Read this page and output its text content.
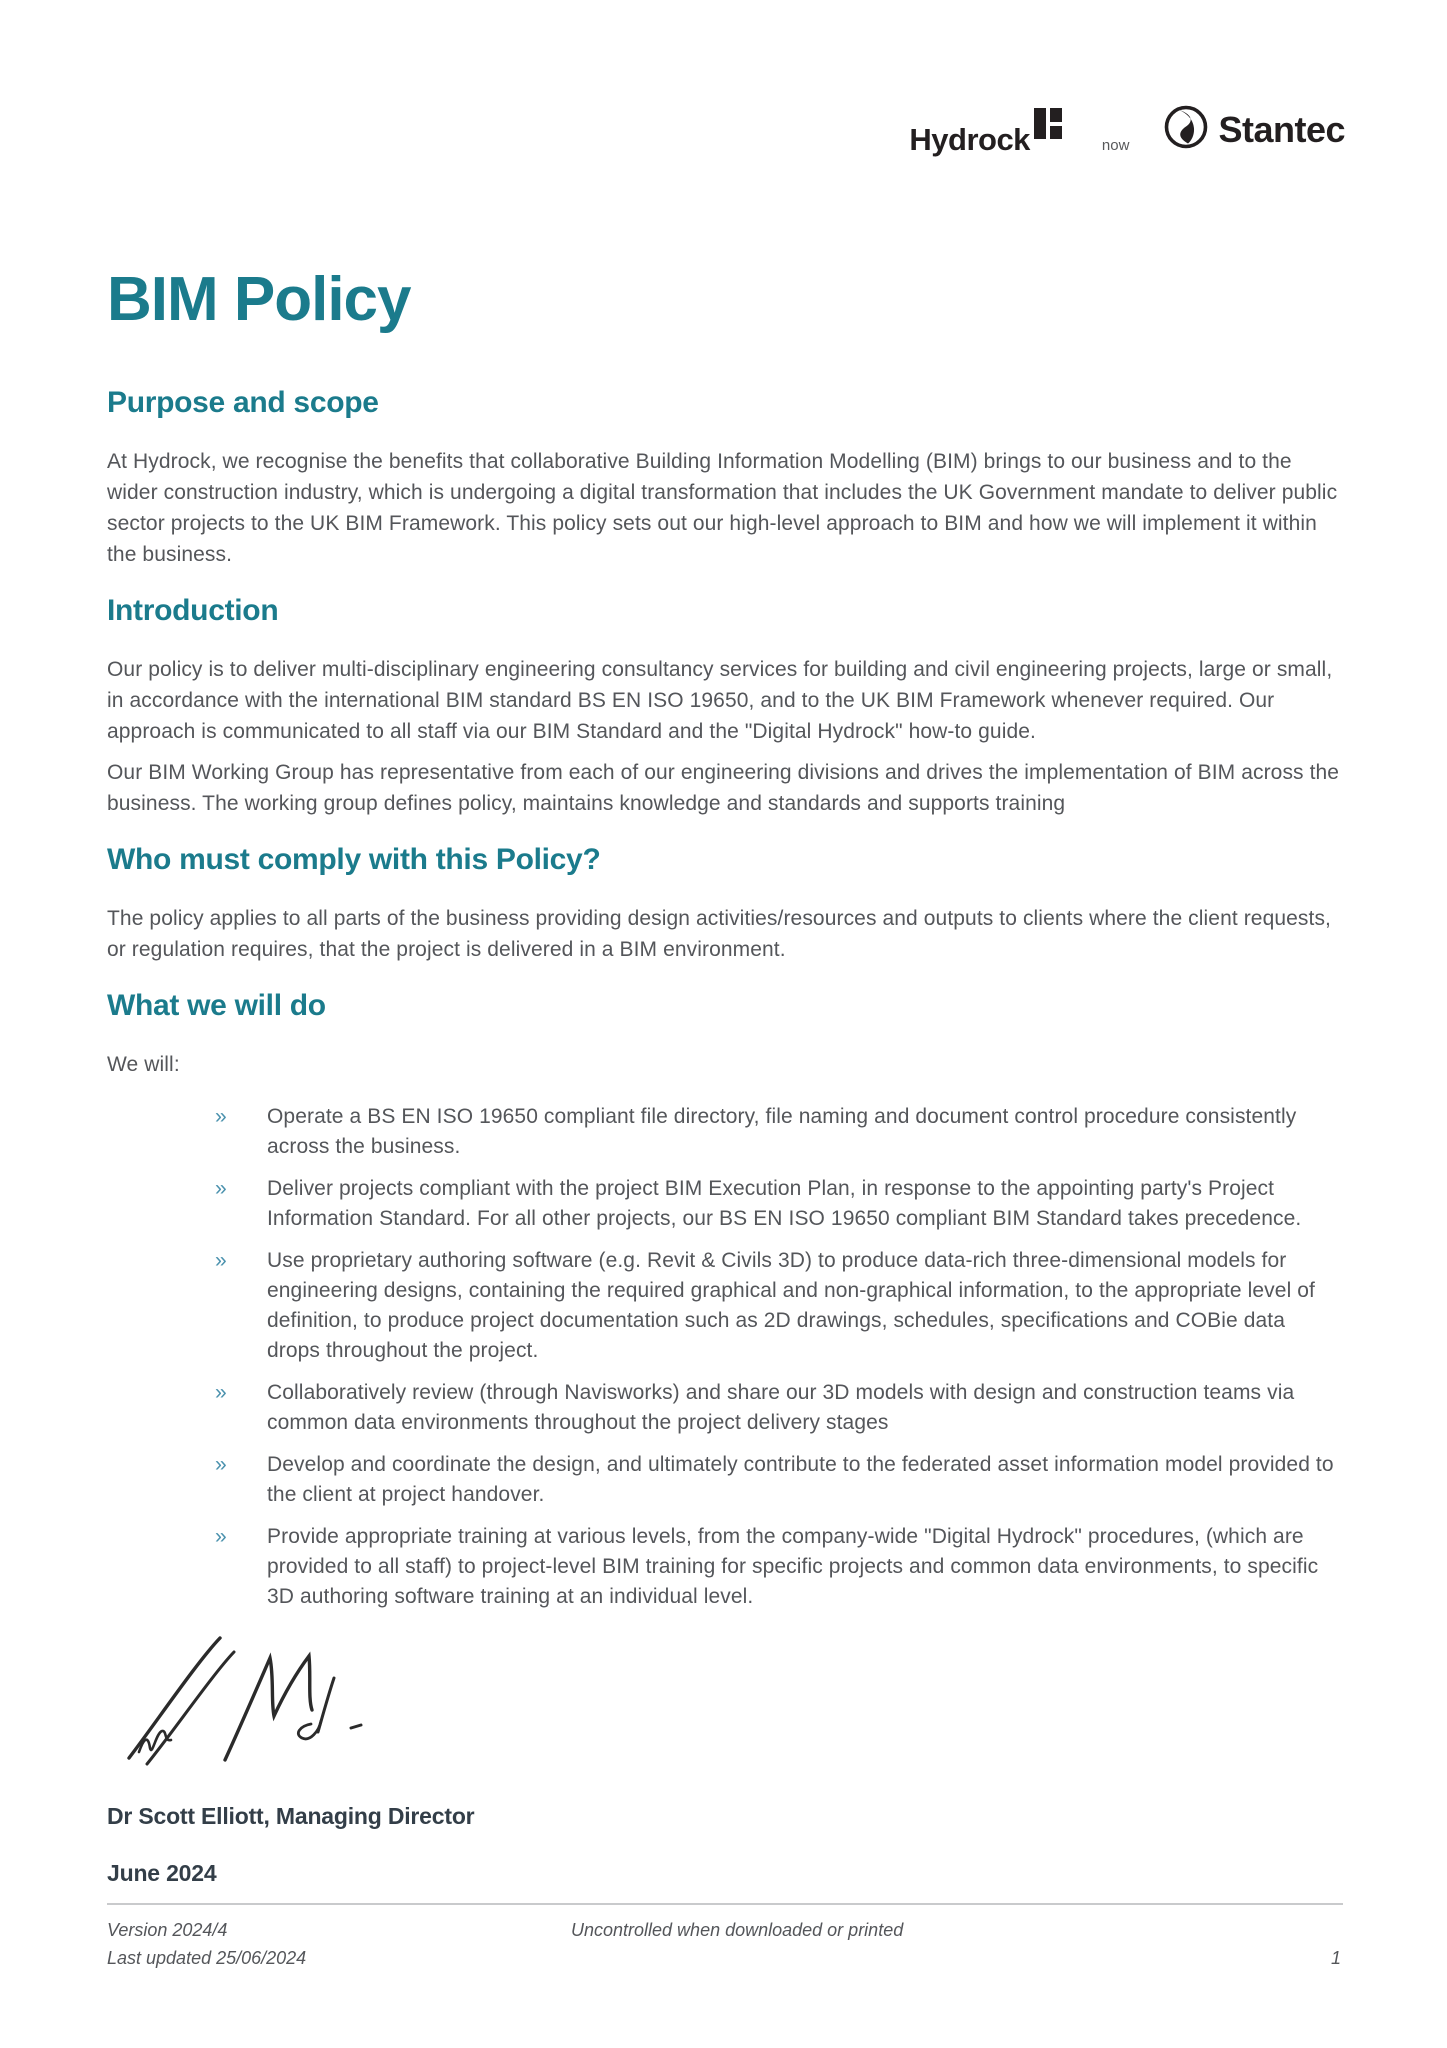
Hydrock	now Stantec
BIM Policy
Purpose and scope

At Hydrock, we recognise the benefits that collaborative Building Information Modelling (BIM) brings to our business and to the wider construction industry, which is undergoing a digital transformation that includes the UK Government mandate to deliver public sector projects to the UK BIM Framework. This policy sets out our high-level approach to BIM and how we will implement it within the business.

Introduction

Our policy is to deliver multi-disciplinary engineering consultancy services for building and civil engineering projects, large or small, in accordance with the international BIM standard BS EN ISO 19650, and to the UK BIM Framework whenever required. Our approach is communicated to all staff via our BIM Standard and the "Digital Hydrock" how-to guide.

Our BIM Working Group has representative from each of our engineering divisions and drives the implementation of BIM across the business. The working group defines policy, maintains knowledge and standards and supports training

Who must comply with this Policy?

The policy applies to all parts of the business providing design activities/resources and outputs to clients where the client requests, or regulation requires, that the project is delivered in a BIM environment.

What we will do

We will:

»	Operate a BS EN ISO 19650 compliant file directory, file naming and document control procedure consistently across the business.
»	Deliver projects compliant with the project BIM Execution Plan, in response to the appointing party's Project Information Standard. For all other projects, our BS EN ISO 19650 compliant BIM Standard takes precedence.
»	Use proprietary authoring software (e.g. Revit & Civils 3D) to produce data-rich three-dimensional models for engineering designs, containing the required graphical and non-graphical information, to the appropriate level of definition, to produce project documentation such as 2D drawings, schedules, specifications and COBie data drops throughout the project.
»	Collaboratively review (through Navisworks) and share our 3D models with design and construction teams via common data environments throughout the project delivery stages
»	Develop and coordinate the design, and ultimately contribute to the federated asset information model provided to the client at project handover.
»	Provide appropriate training at various levels, from the company-wide "Digital Hydrock" procedures, (which are provided to all staff) to project-level BIM training for specific projects and common data environments, to specific 3D authoring software training at an individual level.

Dr Scott Elliott, Managing Director

June 2024

Version 2024/4
Last updated 25/06/2024
Uncontrolled when downloaded or printed
1
